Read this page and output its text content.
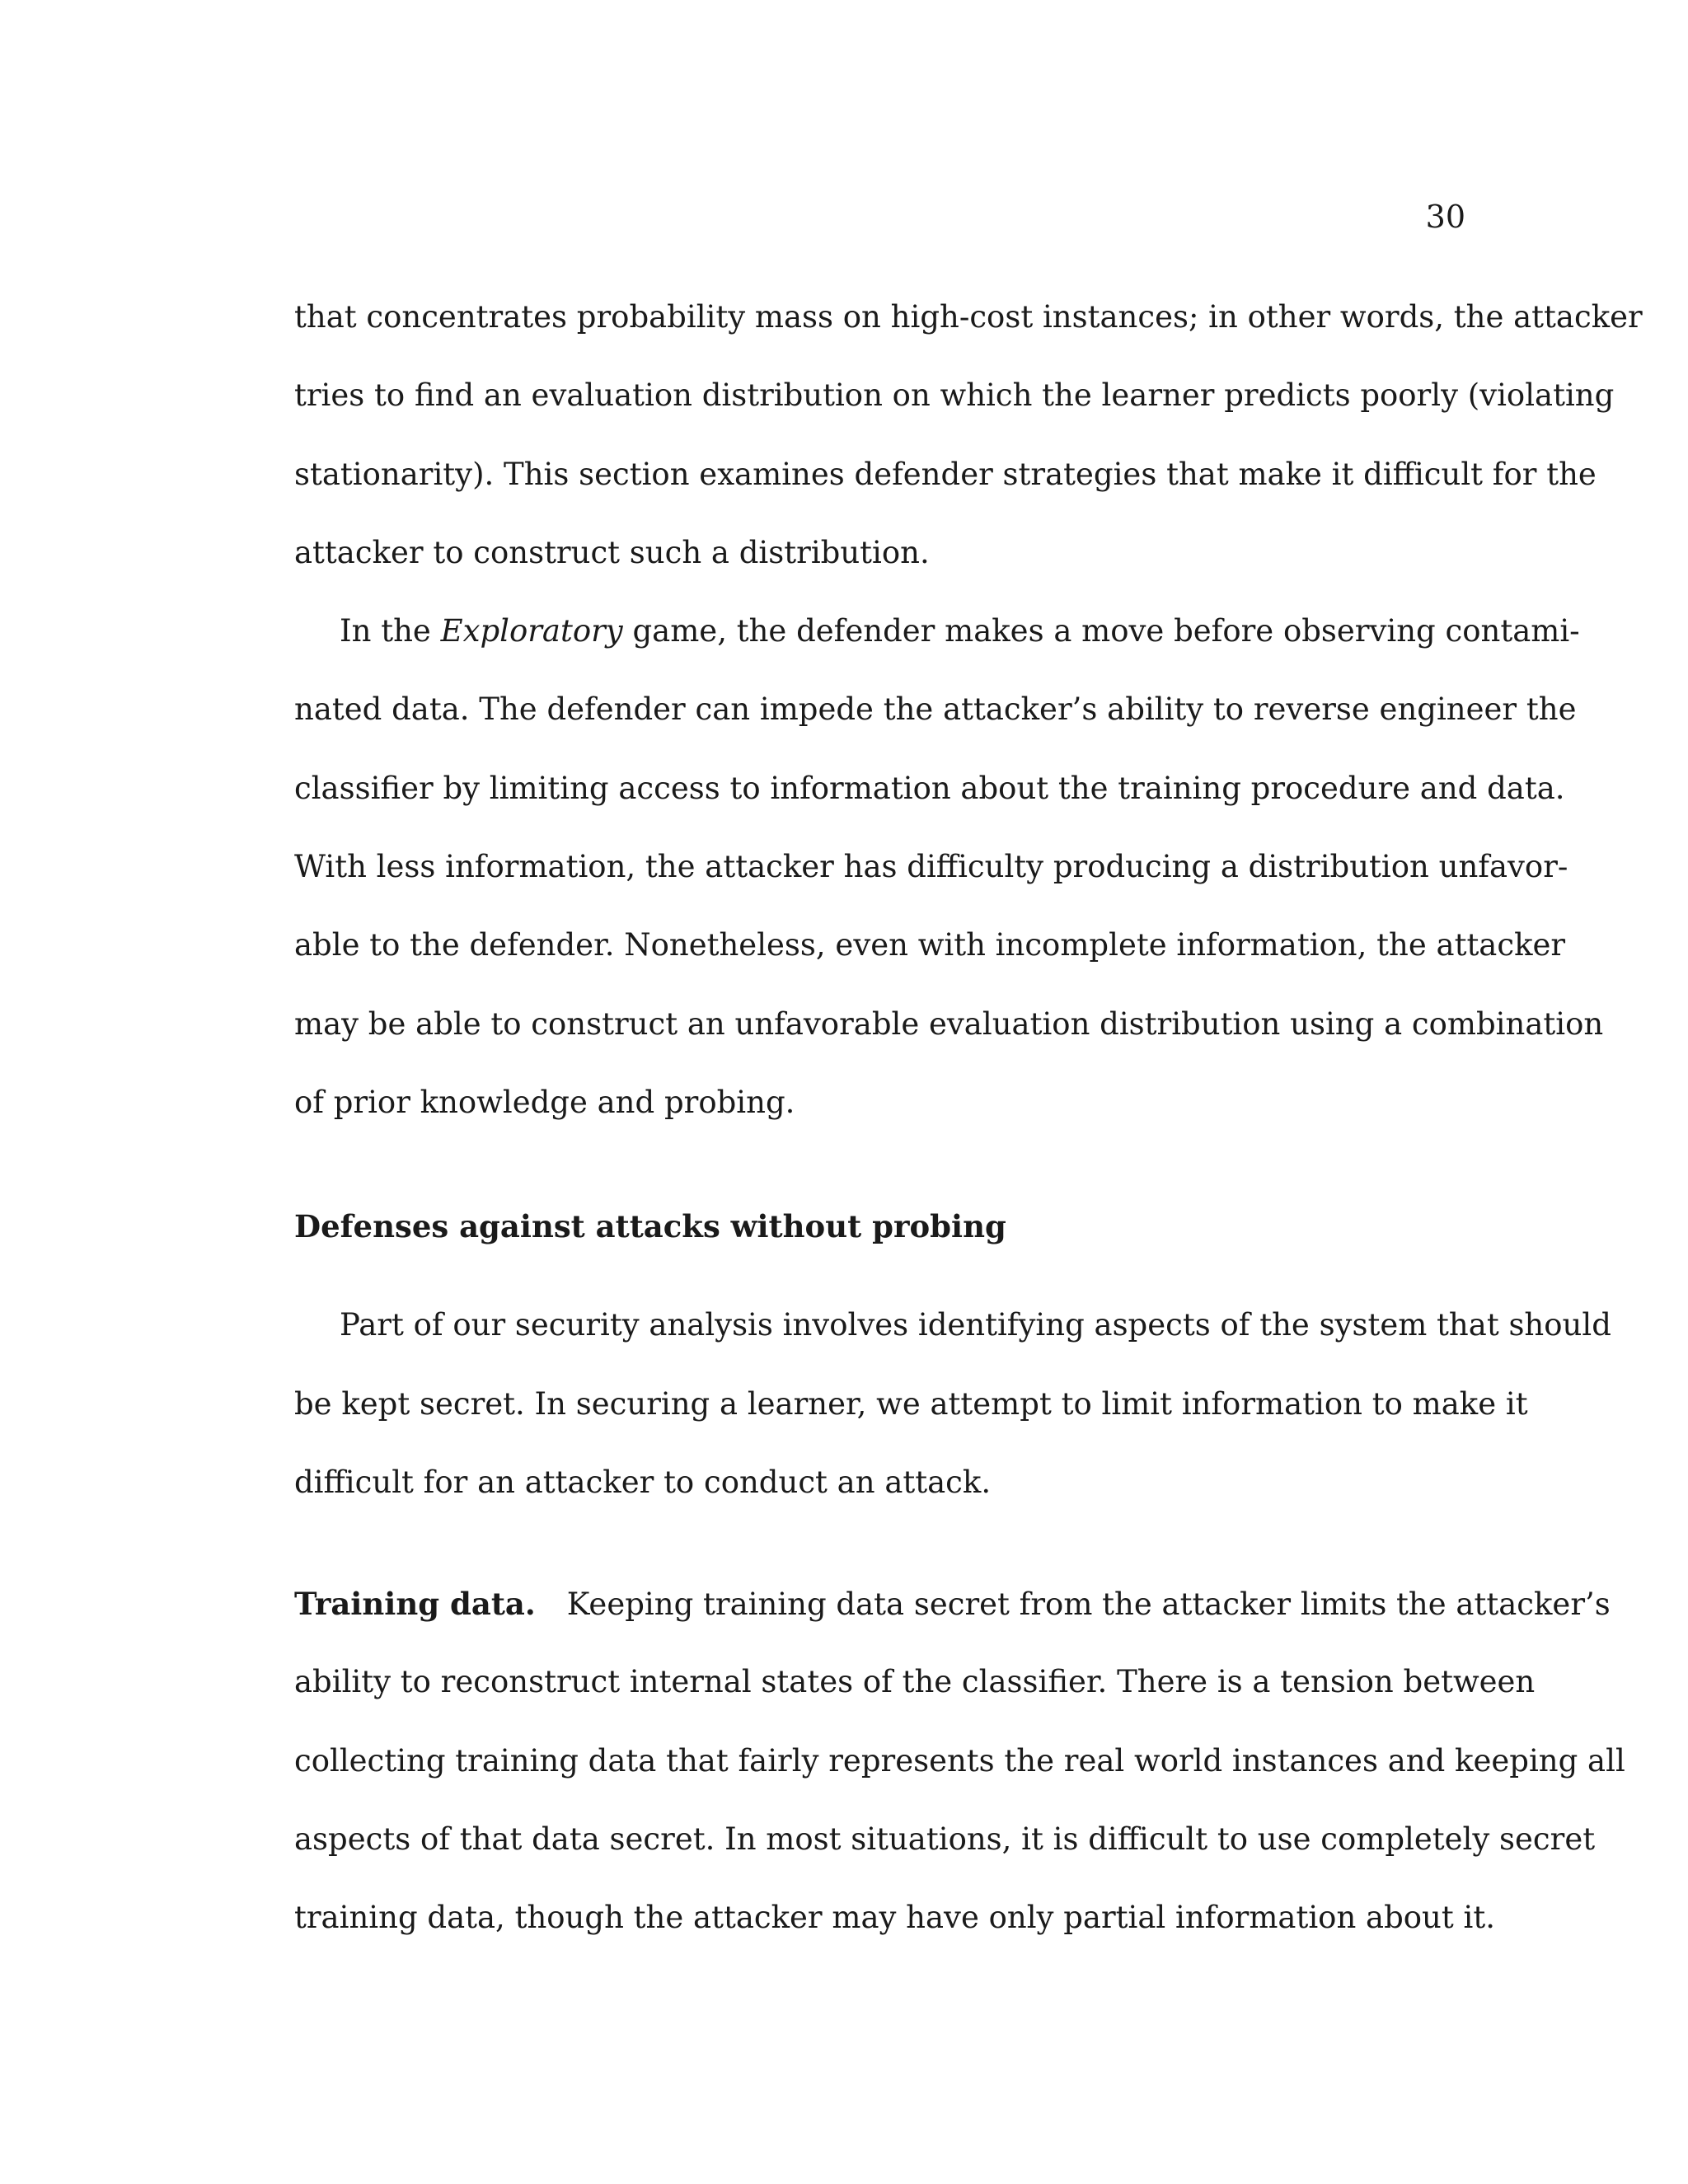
30
that concentrates probability mass on high-cost instances; in other words, the attacker
tries to find an evaluation distribution on which the learner predicts poorly (violating
stationarity). This section examines defender strategies that make it difficult for the
attacker to construct such a distribution.
In the Exploratory game, the defender makes a move before observing contami-
nated data. The defender can impede the attacker’s ability to reverse engineer the
classifier by limiting access to information about the training procedure and data.
With less information, the attacker has difficulty producing a distribution unfavor-
able to the defender. Nonetheless, even with incomplete information, the attacker
may be able to construct an unfavorable evaluation distribution using a combination
of prior knowledge and probing.
Defenses against attacks without probing
Part of our security analysis involves identifying aspects of the system that should
be kept secret. In securing a learner, we attempt to limit information to make it
difficult for an attacker to conduct an attack.
Training data. Keeping training data secret from the attacker limits the attacker’s
ability to reconstruct internal states of the classifier. There is a tension between
collecting training data that fairly represents the real world instances and keeping all
aspects of that data secret. In most situations, it is difficult to use completely secret
training data, though the attacker may have only partial information about it.
